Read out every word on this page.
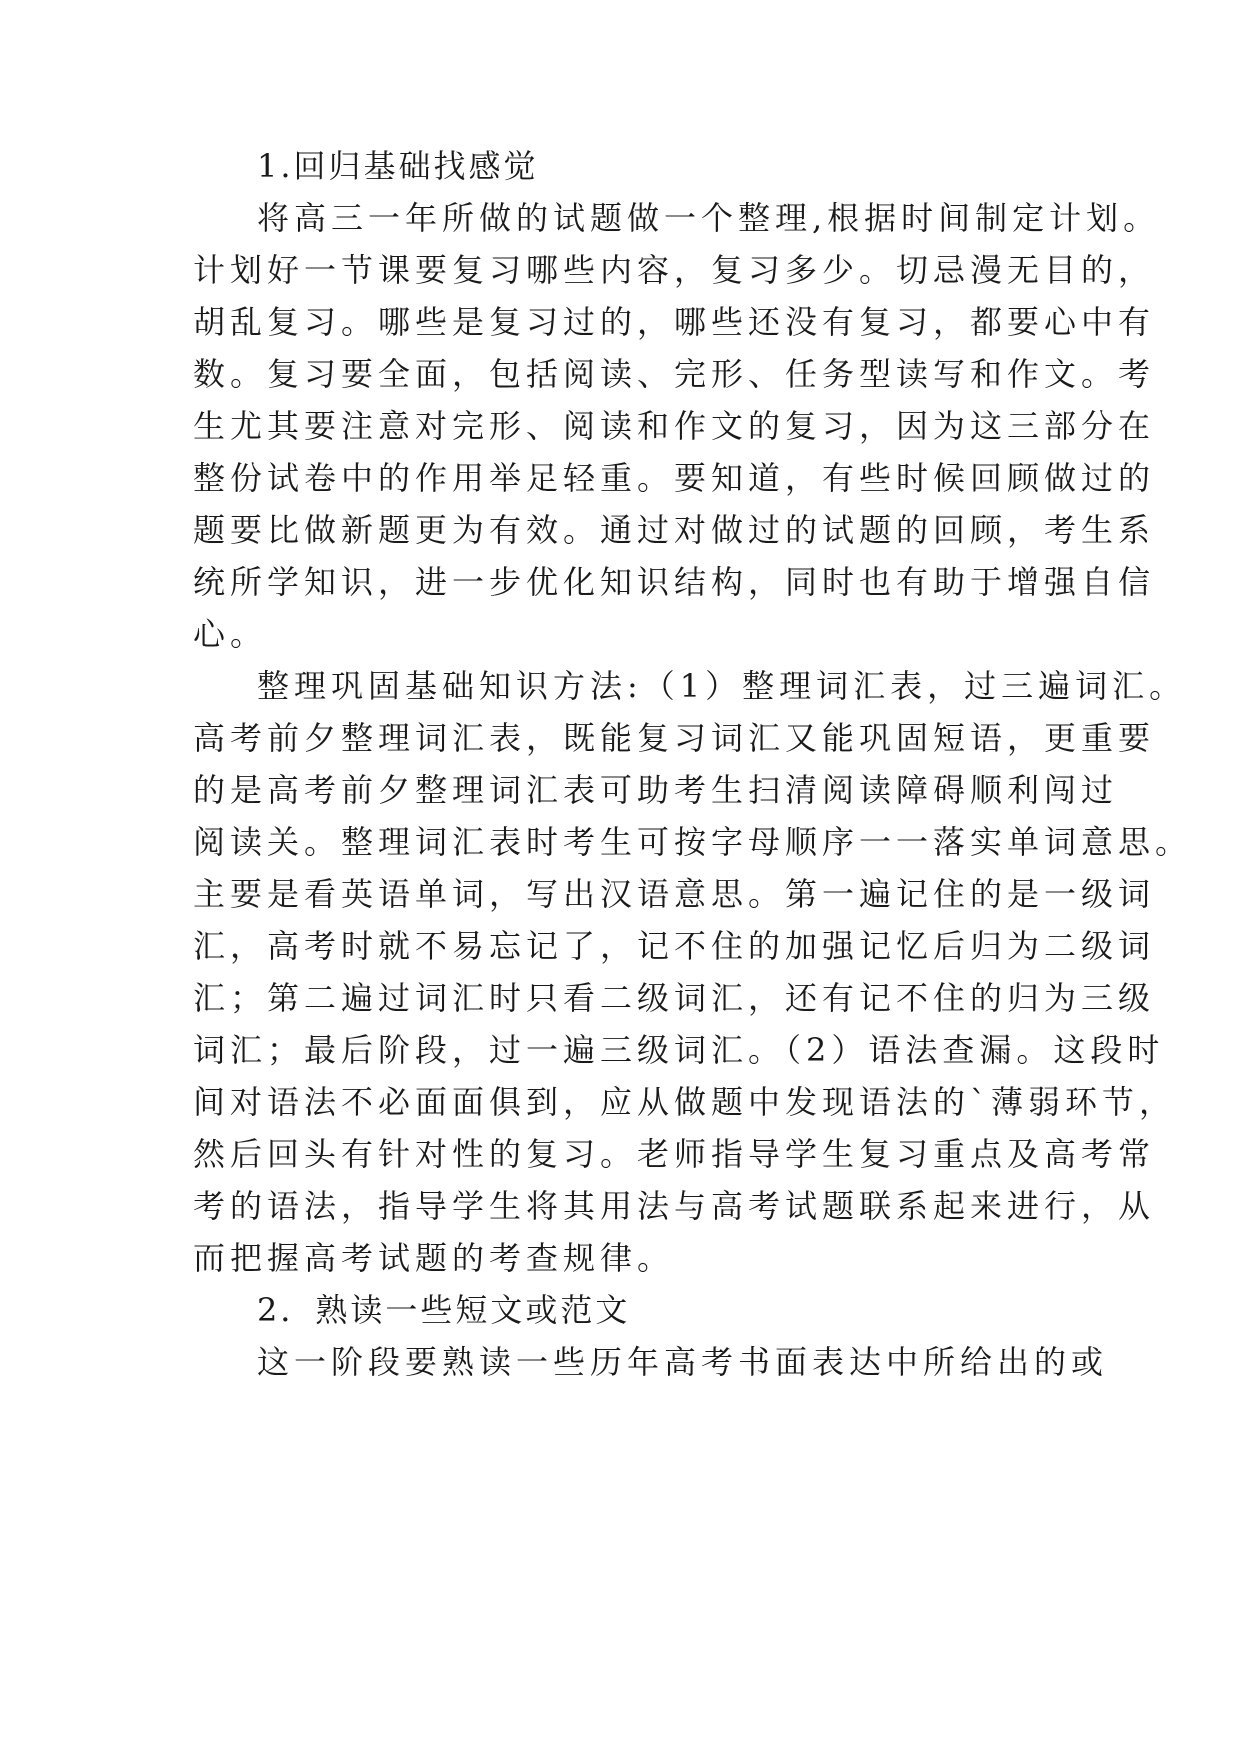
1.回归基础找感觉
将高三一年所做的试题做一个整理,根据时间制定计划。
计划好一节课要复习哪些内容，复习多少。切忌漫无目的，
胡乱复习。哪些是复习过的，哪些还没有复习，都要心中有
数。复习要全面，包括阅读、完形、任务型读写和作文。考
生尤其要注意对完形、阅读和作文的复习，因为这三部分在
整份试卷中的作用举足轻重。要知道，有些时候回顾做过的
题要比做新题更为有效。通过对做过的试题的回顾，考生系
统所学知识，进一步优化知识结构，同时也有助于增强自信
心。
整理巩固基础知识方法:（1）整理词汇表，过三遍词汇。
高考前夕整理词汇表，既能复习词汇又能巩固短语，更重要
的是高考前夕整理词汇表可助考生扫清阅读障碍顺利闯过
阅读关。整理词汇表时考生可按字母顺序一一落实单词意思。
主要是看英语单词，写出汉语意思。第一遍记住的是一级词
汇，高考时就不易忘记了，记不住的加强记忆后归为二级词
汇；第二遍过词汇时只看二级词汇，还有记不住的归为三级
词汇；最后阶段，过一遍三级词汇。（2）语法查漏。这段时
间对语法不必面面俱到，应从做题中发现语法的`薄弱环节，
然后回头有针对性的复习。老师指导学生复习重点及高考常
考的语法，指导学生将其用法与高考试题联系起来进行，从
而把握高考试题的考查规律。
2．熟读一些短文或范文
这一阶段要熟读一些历年高考书面表达中所给出的或
